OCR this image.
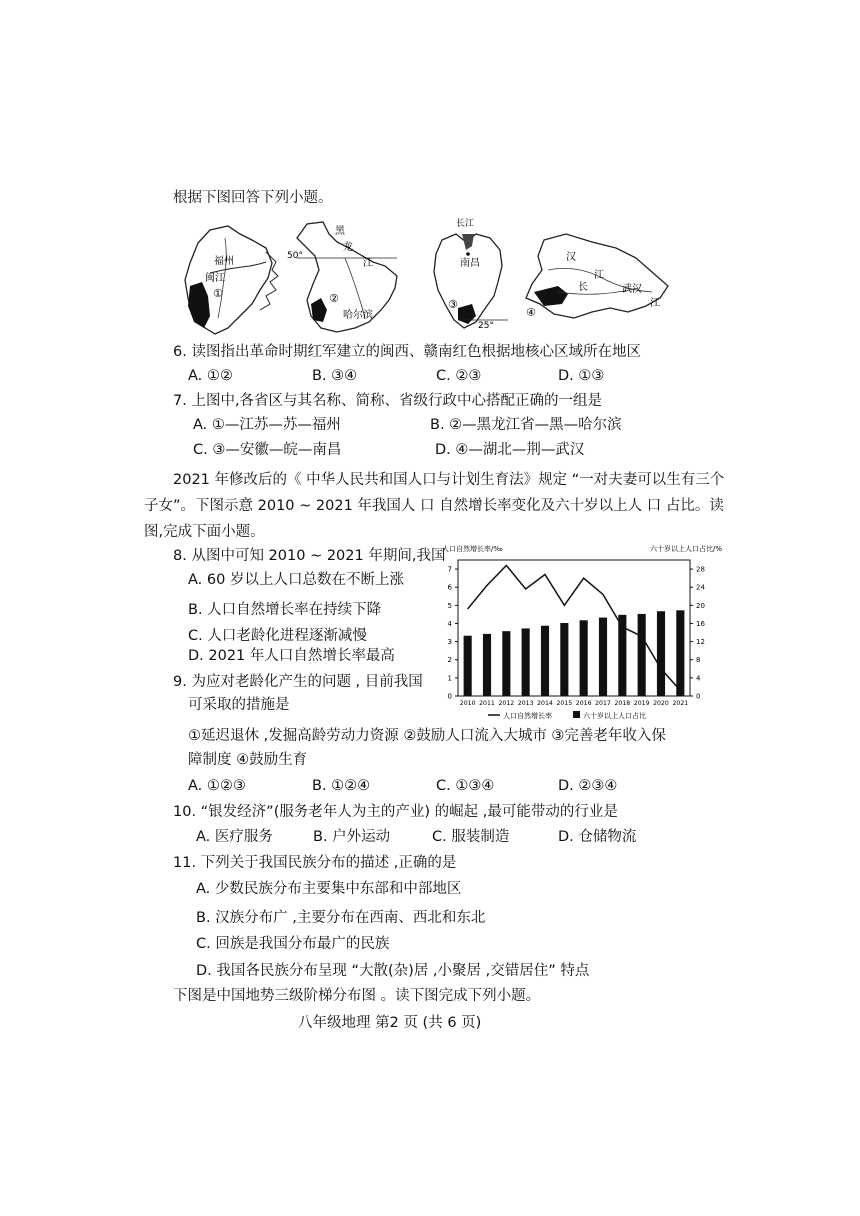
根据下图回答下列小题。
①
福州
闽江
50°
黑
龙
江
②
哈尔滨
长江
南昌
③
25°
汉
江
长	武汉
江
④
6. 读图指出革命时期红军建立的闽西、赣南红色根据地核心区域所在地区
A. ①②	B. ③④	C. ②③	D. ①③
7. 上图中,各省区与其名称、简称、省级行政中心搭配正确的一组是
A. ①—江苏—苏—福州	B. ②—黑龙江省—黑—哈尔滨
C. ③—安徽—皖—南昌	D. ④—湖北—荆—武汉
2021 年修改后的《 中华人民共和国人口与计划生育法》规定 “一对夫妻可以生有三个
子女”。下图示意 2010 ~ 2021 年我国人 口 自然增长率变化及六十岁以上人 口 占比。读
图,完成下面小题。
8. 从图中可知 2010 ~ 2021 年期间,我国
A. 60 岁以上人口总数在不断上涨
B. 人口自然增长率在持续下降
C. 人口老龄化进程逐渐减慢
D. 2021 年人口自然增长率最高
人口自然增长率/‰	六十岁以上人口占比/%
0
1
2
3
4
5
6
7
0
4
8
12
16
20
24
28
2010 2011 2012 2013 2014 2015 2016 2017 2018 2019 2020 2021
人口自然增长率	六十岁以上人口占比
9. 为应对老龄化产生的问题 , 目前我国
可采取的措施是
①延迟退休 ,发掘高龄劳动力资源 ②鼓励人口流入大城市 ③完善老年收入保
障制度 ④鼓励生育
A. ①②③	B. ①②④	C. ①③④	D. ②③④
10. “银发经济”(服务老年人为主的产业) 的崛起 ,最可能带动的行业是
A. 医疗服务	B. 户外运动	C. 服装制造	D. 仓储物流
11. 下列关于我国民族分布的描述 ,正确的是
A. 少数民族分布主要集中东部和中部地区
B. 汉族分布广 ,主要分布在西南、西北和东北
C. 回族是我国分布最广的民族
D. 我国各民族分布呈现 “大散(杂)居 ,小聚居 ,交错居住” 特点
下图是中国地势三级阶梯分布图 。读下图完成下列小题。
八年级地理 第2 页 (共 6 页)
